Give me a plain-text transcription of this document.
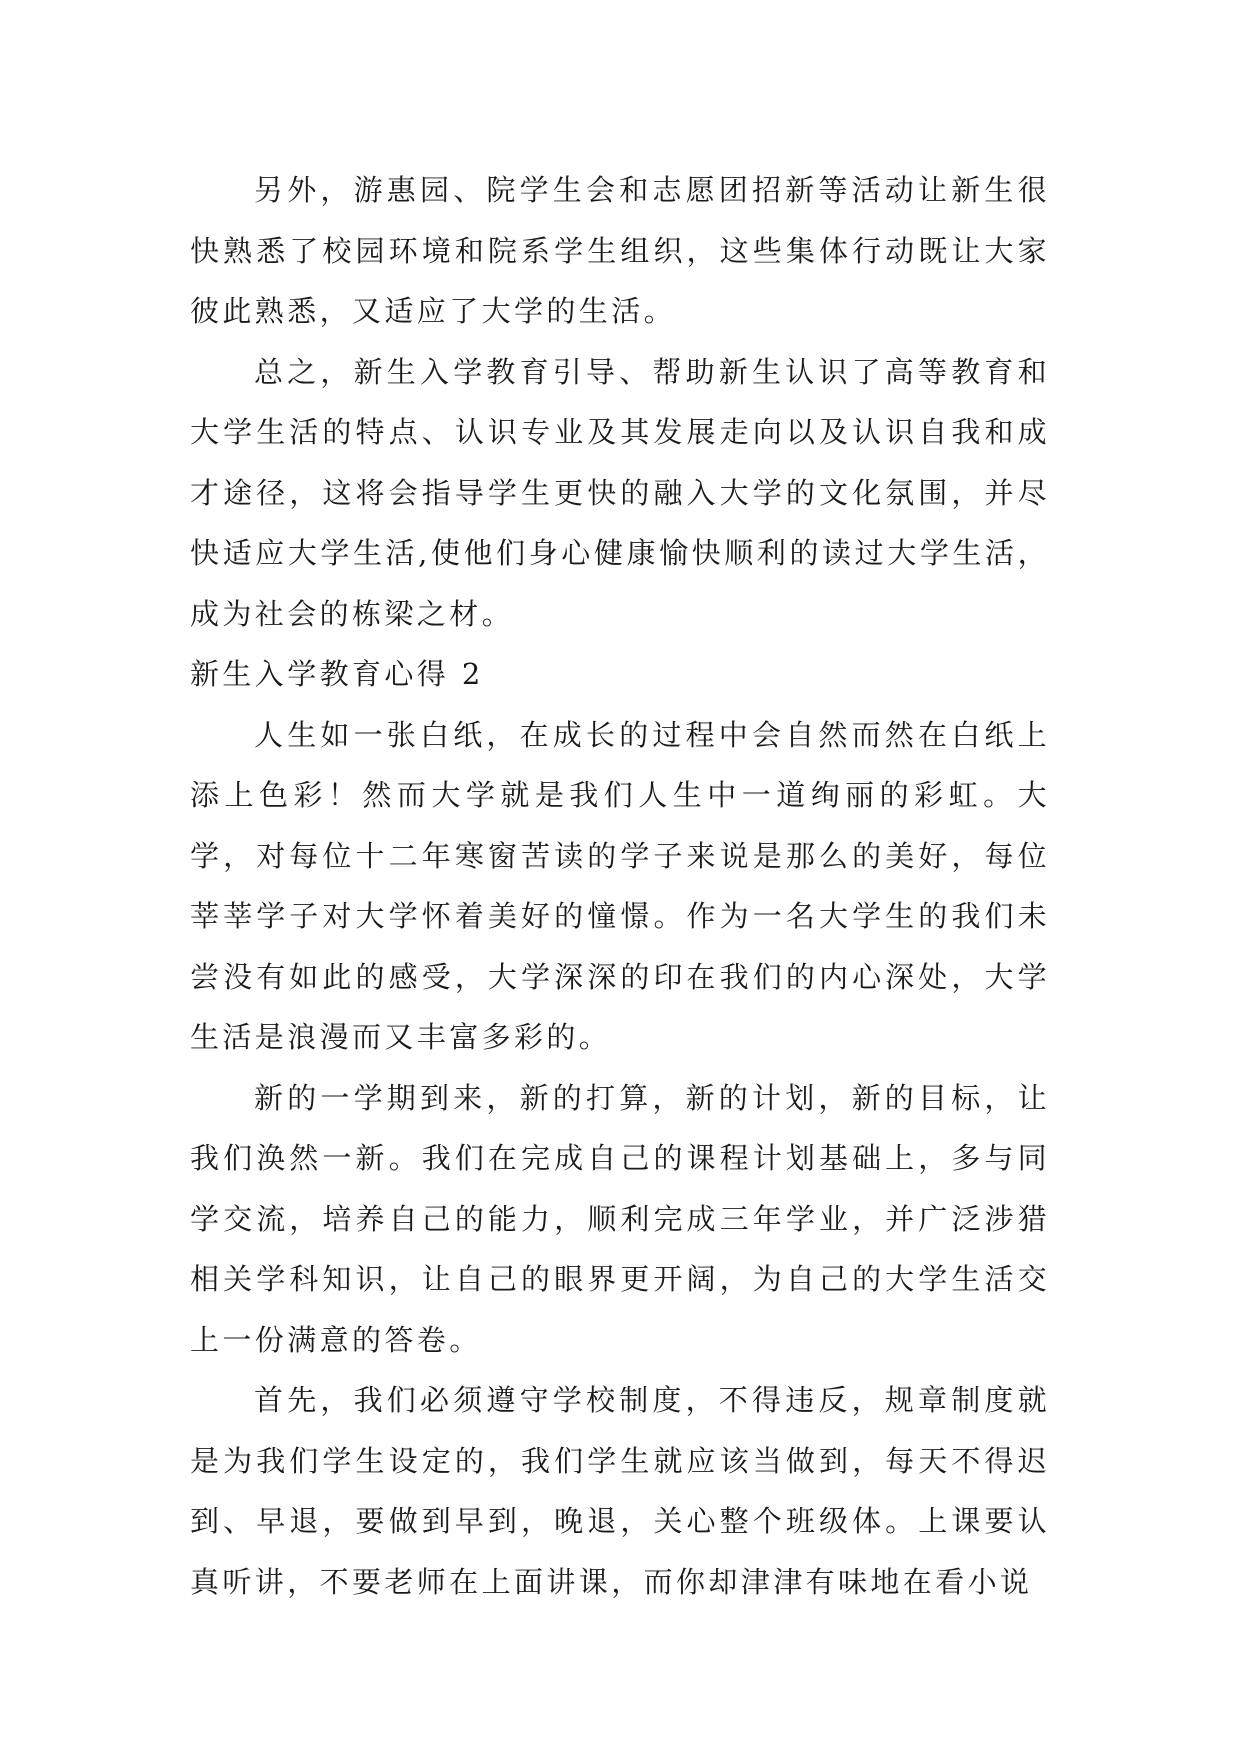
另外，游惠园、院学生会和志愿团招新等活动让新生很快熟悉了校园环境和院系学生组织，这些集体行动既让大家彼此熟悉，又适应了大学的生活。

总之，新生入学教育引导、帮助新生认识了高等教育和大学生活的特点、认识专业及其发展走向以及认识自我和成才途径，这将会指导学生更快的融入大学的文化氛围，并尽快适应大学生活,使他们身心健康愉快顺利的读过大学生活，成为社会的栋梁之材。

新生入学教育心得 2

人生如一张白纸，在成长的过程中会自然而然在白纸上添上色彩！然而大学就是我们人生中一道绚丽的彩虹。大学，对每位十二年寒窗苦读的学子来说是那么的美好，每位莘莘学子对大学怀着美好的憧憬。作为一名大学生的我们未尝没有如此的感受，大学深深的印在我们的内心深处，大学生活是浪漫而又丰富多彩的。

新的一学期到来，新的打算，新的计划，新的目标，让我们涣然一新。我们在完成自己的课程计划基础上，多与同学交流，培养自己的能力，顺利完成三年学业，并广泛涉猎相关学科知识，让自己的眼界更开阔，为自己的大学生活交上一份满意的答卷。

首先，我们必须遵守学校制度，不得违反，规章制度就是为我们学生设定的，我们学生就应该当做到，每天不得迟到、早退，要做到早到，晚退，关心整个班级体。上课要认真听讲，不要老师在上面讲课，而你却津津有味地在看小说
